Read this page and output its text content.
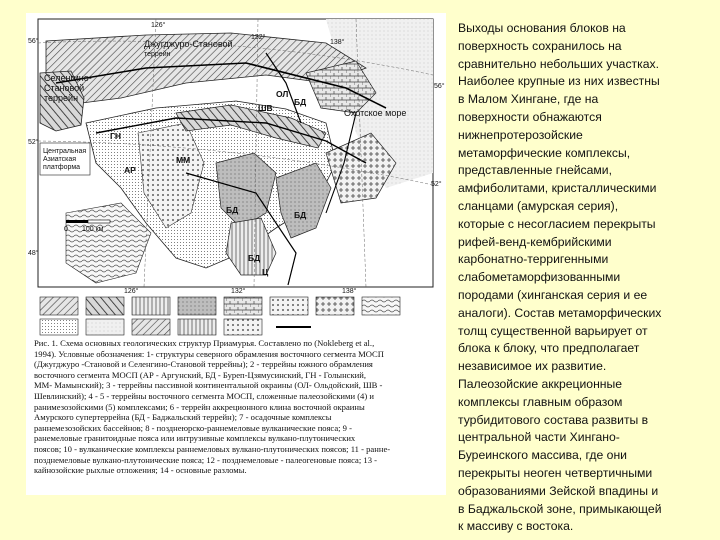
126°
132°
138°
56°
56°
52°
52°
48°
126°	132°	138°
Джугджуро-Становой
террейн
Селенгино-
Становой
террейн
Охотское море
БД
ШВ
ОЛ
ГН
ММ
АР
БД	БД
БД
Ц
0 100 км
Центральная
Азиатская
платформа
Рис. 1. Схема основных геологических структур Приамурья. Составлено по (Nokleberg et al.,
1994). Условные обозначения: 1- структуры северного обрамления восточного сегмента МОСП
(Джугджуро -Становой и Селенгино-Становой террейны); 2 - террейны южного обрамления
восточного сегмента МОСП (АР - Аргунский, БД - Буреп-Цзямусинский, ГН - Голынский,
ММ- Мамынский); 3 - террейны пассивной континентальной окраины (ОЛ- Ольдойский, ШВ -
Шевлинский); 4 - 5 - террейны восточного сегмента МОСП, сложенные палеозойскими (4) и
ранимезозойскими (5) комплексами; 6 - террейн аккреционного клина восточной окраины
Амурского супертеррейна (БД - Баджальский террейн); 7 - осадочные комплексы
раннемезозойских бассейнов; 8 - позднеюрско-раннемеловые вулканические пояса; 9 -
ранемеловые гранитоидные пояса или интрузивные комплексы вулкано-плутонических
поясов; 10 - вулканические комплексы раннемеловых вулкано-плутонических поясов; 11 - ранне-
позднемеловые вулкано-плутонические пояса; 12 - позднемеловые - палеогеновые пояса; 13 -
кайнозойские рыхлые отложения; 14 - основные разломы.

Выходы основания блоков на
поверхность сохранилось на
сравнительно небольших участках.
Наиболее крупные из них известны
в Малом Хингане, где на
поверхности обнажаются
нижнепротерозойские
метаморфические комплексы,
представленные гнейсами,
амфиболитами, кристаллическими
сланцами (амурская серия),
которые с несогласием перекрыты
рифей-венд-кембрийскими
карбонатно-терригенными
слабометаморфизованными
породами (хинганская серия и ее
аналоги). Состав метаморфических
толщ существенной варьирует от
блока к блоку, что предполагает
независимое их развитие.
Палеозойские аккреционные
комплексы главным образом
турбидитового состава развиты в
центральной части Хингано-
Буреинского массива, где они
перекрыты неоген четвертичными
образованиями Зейской впадины и
в Баджальской зоне, примыкающей
к массиву с востока.
